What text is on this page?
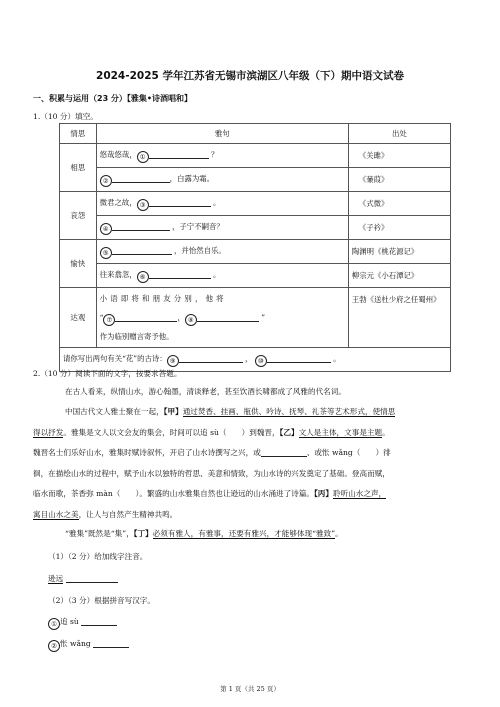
2024-2025 学年江苏省无锡市滨湖区八年级（下）期中语文试卷
一、积累与运用（23 分）【雅集•诗酒唱和】
1.（10 分）填空。
情思	雅句	出处
相思	悠哉悠哉， ① ？	《关雎》
	② ，白露为霜。	《蒹葭》
哀怨	微君之故， ③ 。	《式微》
	④ ，子宁不嗣音？	《子衿》
愉快	⑤ ，并怡然自乐。	陶渊明《桃花源记》
	往来翕忽， ⑥ 。	柳宗元《小石潭记》
达观	小语即将和朋友分别，他将
“ ⑦ ， ⑧ ”
作为临别赠言寄予他。	王勃《送杜少府之任蜀州》
请你写出两句有关“花”的古诗： ⑨ ， ⑩ 。		
2.（10 分）阅读下面的文字，按要求答题。
在古人看来，纵情山水，游心翰墨，清谈释老，甚至饮酒长啸都成了风雅的代名词。
中国古代文人雅士聚在一起，【甲】通过焚香、挂画、瓶供、吟诗、抚琴、礼茶等艺术形式，使情思
得以抒发。雅集是文人以文会友的集会，时间可以追 sù（　　）到魏晋，【乙】文人是主体，文事是主题。
魏晋名士们乐好山水，雅集时赋诗叙怀，开启了山水诗撰写之兴，或	、或怅 wǎng（　　）徘
徊，在描绘山水的过程中，赋予山水以独特的哲思、美意和情致，为山水诗的兴发奠定了基础。登高而赋，
临水而歌，茶香弥 màn（　　）。繁盛的山水雅集自然也让逊远的山水涌进了诗篇。【丙】聆听山水之声，
寓目山水之美，让人与自然产生精神共鸣。
“雅集”既然是“集”，【丁】必须有雅人，有雅事，还要有雅兴，才能够体现“雅致”。
（1）（2 分）给加线字注音。
逊远
（2）（3 分）根据拼音写汉字。
① 追 sù
② 怅 wǎng
第 1 页（共 25 页）
